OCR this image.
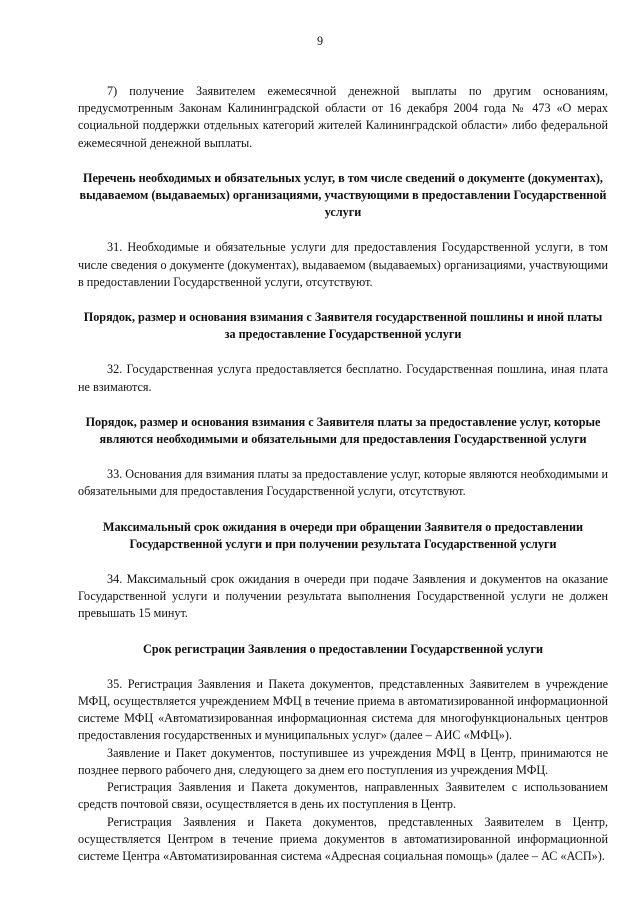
9

7) получение Заявителем ежемесячной денежной выплаты по другим основаниям, предусмотренным Законам Калининградской области от 16 декабря 2004 года № 473 «О мерах социальной поддержки отдельных категорий жителей Калининградской области» либо федеральной ежемесячной денежной выплаты.

Перечень необходимых и обязательных услуг, в том числе сведений о документе (документах), выдаваемом (выдаваемых) организациями, участвующими в предоставлении Государственной услуги

31. Необходимые и обязательные услуги для предоставления Государственной услуги, в том числе сведения о документе (документах), выдаваемом (выдаваемых) организациями, участвующими в предоставлении Государственной услуги, отсутствуют.

Порядок, размер и основания взимания с Заявителя государственной пошлины и иной платы за предоставление Государственной услуги

32. Государственная услуга предоставляется бесплатно. Государственная пошлина, иная плата не взимаются.

Порядок, размер и основания взимания с Заявителя платы за предоставление услуг, которые являются необходимыми и обязательными для предоставления Государственной услуги

33. Основания для взимания платы за предоставление услуг, которые являются необходимыми и обязательными для предоставления Государственной услуги, отсутствуют.

Максимальный срок ожидания в очереди при обращении Заявителя о предоставлении Государственной услуги и при получении результата Государственной услуги

34. Максимальный срок ожидания в очереди при подаче Заявления и документов на оказание Государственной услуги и получении результата выполнения Государственной услуги не должен превышать 15 минут.

Срок регистрации Заявления о предоставлении Государственной услуги

35. Регистрация Заявления и Пакета документов, представленных Заявителем в учреждение МФЦ, осуществляется учреждением МФЦ в течение приема в автоматизированной информационной системе МФЦ «Автоматизированная информационная система для многофункциональных центров предоставления государственных и муниципальных услуг» (далее – АИС «МФЦ»).

Заявление и Пакет документов, поступившее из учреждения МФЦ в Центр, принимаются не позднее первого рабочего дня, следующего за днем его поступления из учреждения МФЦ.

Регистрация Заявления и Пакета документов, направленных Заявителем с использованием средств почтовой связи, осуществляется в день их поступления в Центр.

Регистрация Заявления и Пакета документов, представленных Заявителем в Центр, осуществляется Центром в течение приема документов в автоматизированной информационной системе Центра «Автоматизированная система «Адресная социальная помощь» (далее – АС «АСП»).
